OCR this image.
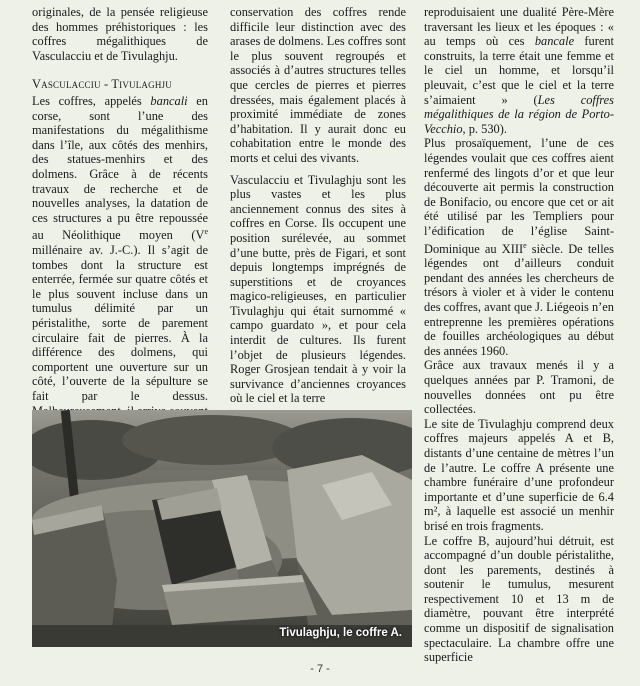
originales, de la pensée religieuse des hommes préhistoriques : les coffres mégalithiques de Vasculacciu et de Tivulaghju.

Vasculacciu - Tivulaghju

Les coffres, appelés bancali en corse, sont l’une des manifestations du mégalithisme dans l’île, aux côtés des menhirs, des statues-menhirs et des dolmens. Grâce à de récents travaux de recherche et de nouvelles analyses, la datation de ces structures a pu être repoussée au Néolithique moyen (Ve millénaire av. J.-C.). Il s’agit de tombes dont la structure est enterrée, fermée sur quatre côtés et le plus souvent incluse dans un tumulus délimité par un péristalithe, sorte de parement circulaire fait de pierres. À la différence des dolmens, qui comportent une ouverture sur un côté, l’ouverte de la sépulture se fait par le dessus.

conservation des coffres rende difficile leur distinction avec des arases de dolmens. Les coffres sont le plus souvent regroupés et associés à d’autres structures telles que cercles de pierres et pierres dressées, mais également placés à proximité immédiate de zones d’habitation. Il y aurait donc eu cohabitation entre le monde des morts et celui des vivants.

Vasculacciu et Tivulaghju sont les plus vastes et les plus anciennement connus des sites à coffres en Corse. Ils occupent une position surélevée, au sommet d’une butte, près de Figari, et sont depuis longtemps imprégnés de superstitions et de croyances magico-religieuses, en particulier Tivulaghju qui était surnommé « campo guardato », et pour cela interdit de cultures. Ils furent l’objet de plusieurs légendes. Roger Grosjean tendait à y voir la survivance d’anciennes croyances où le ciel et la terre

reproduisaient une dualité Père-Mère traversant les lieux et les époques : « au temps où ces bancale furent construits, la terre était une femme et le ciel un homme, et lorsqu’il pleuvait, c’est que le ciel et la terre s’aimaient » (Les coffres mégalithiques de la région de Porto-Vecchio, p. 530).

Plus prosaïquement, l’une de ces légendes voulait que ces coffres aient renfermé des lingots d’or et que leur découverte ait permis la construction de Bonifacio, ou encore que cet or ait été utilisé par les Templiers pour l’édification de l’église Saint-Dominique au XIIIe siècle. De telles légendes ont d’ailleurs conduit pendant des années les chercheurs de trésors à violer et à vider le contenu des coffres, avant que J. Liégeois n’en entreprenne les premières opérations de fouilles archéologiques au début des années 1960.

Grâce aux travaux menés il y a quelques années par P. Tramoni, de nouvelles données ont pu être collectées.

Le site de Tivulaghju comprend deux coffres majeurs appelés A et B, distants d’une centaine de mètres l’un de l’autre. Le coffre A présente une chambre funéraire d’une profondeur importante et d’une superficie de 6.4 m², à laquelle est associé un menhir brisé en trois fragments.

Le coffre B, aujourd’hui détruit, est accompagné d’un double péristalithe, dont les parements, destinés à soutenir le tumulus, mesurent respectivement 10 et 13 m de diamètre, pouvant être interprété comme un dispositif de signalisation spectaculaire. La chambre offre une superficie

Tivulaghju, le coffre A.
- 7 -
